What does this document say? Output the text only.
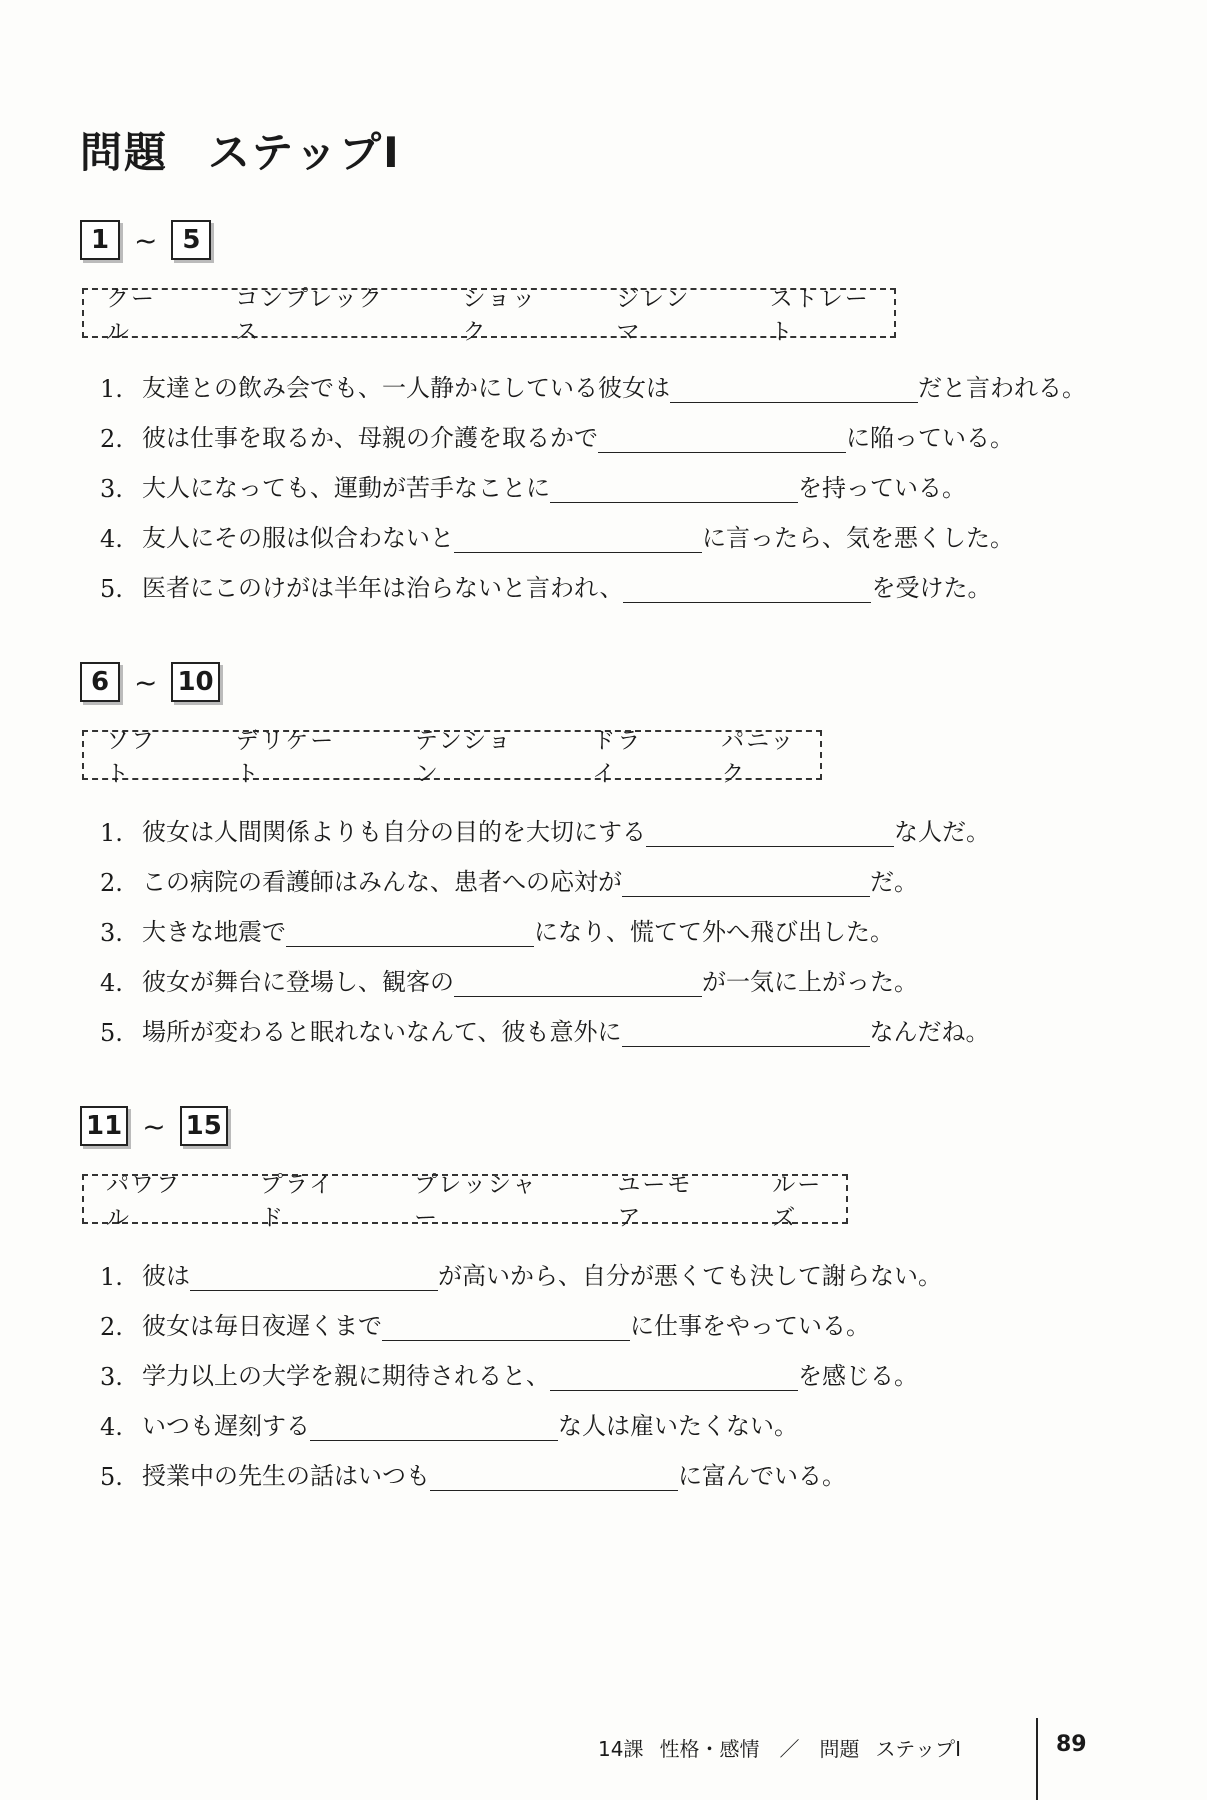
問題 ステップⅠ
1 ~ 5
クール
コンプレックス
ショック
ジレンマ
ストレート
1. 友達との飲み会でも、一人静かにしている彼女は	だと言われる。
2. 彼は仕事を取るか、母親の介護を取るかで	に陥っている。
3. 大人になっても、運動が苦手なことに	を持っている。
4. 友人にその服は似合わないと	に言ったら、気を悪くした。
5. 医者にこのけがは半年は治らないと言われ、	を受けた。
6 ~ 10
ソフト
デリケート
テンション
ドライ
パニック
1. 彼女は人間関係よりも自分の目的を大切にする	な人だ。
2. この病院の看護師はみんな、患者への応対が	だ。
3. 大きな地震で	になり、慌てて外へ飛び出した。
4. 彼女が舞台に登場し、観客の	が一気に上がった。
5. 場所が変わると眠れないなんて、彼も意外に	なんだね。
11 ~ 15
パワフル
プライド
プレッシャー
ユーモア
ルーズ
1. 彼は	が高いから、自分が悪くても決して謝らない。
2. 彼女は毎日夜遅くまで	に仕事をやっている。
3. 学力以上の大学を親に期待されると、	を感じる。
4. いつも遅刻する	な人は雇いたくない。
5. 授業中の先生の話はいつも	に富んでいる。
14課 性格・感情 ／ 問題 ステップⅠ	89
